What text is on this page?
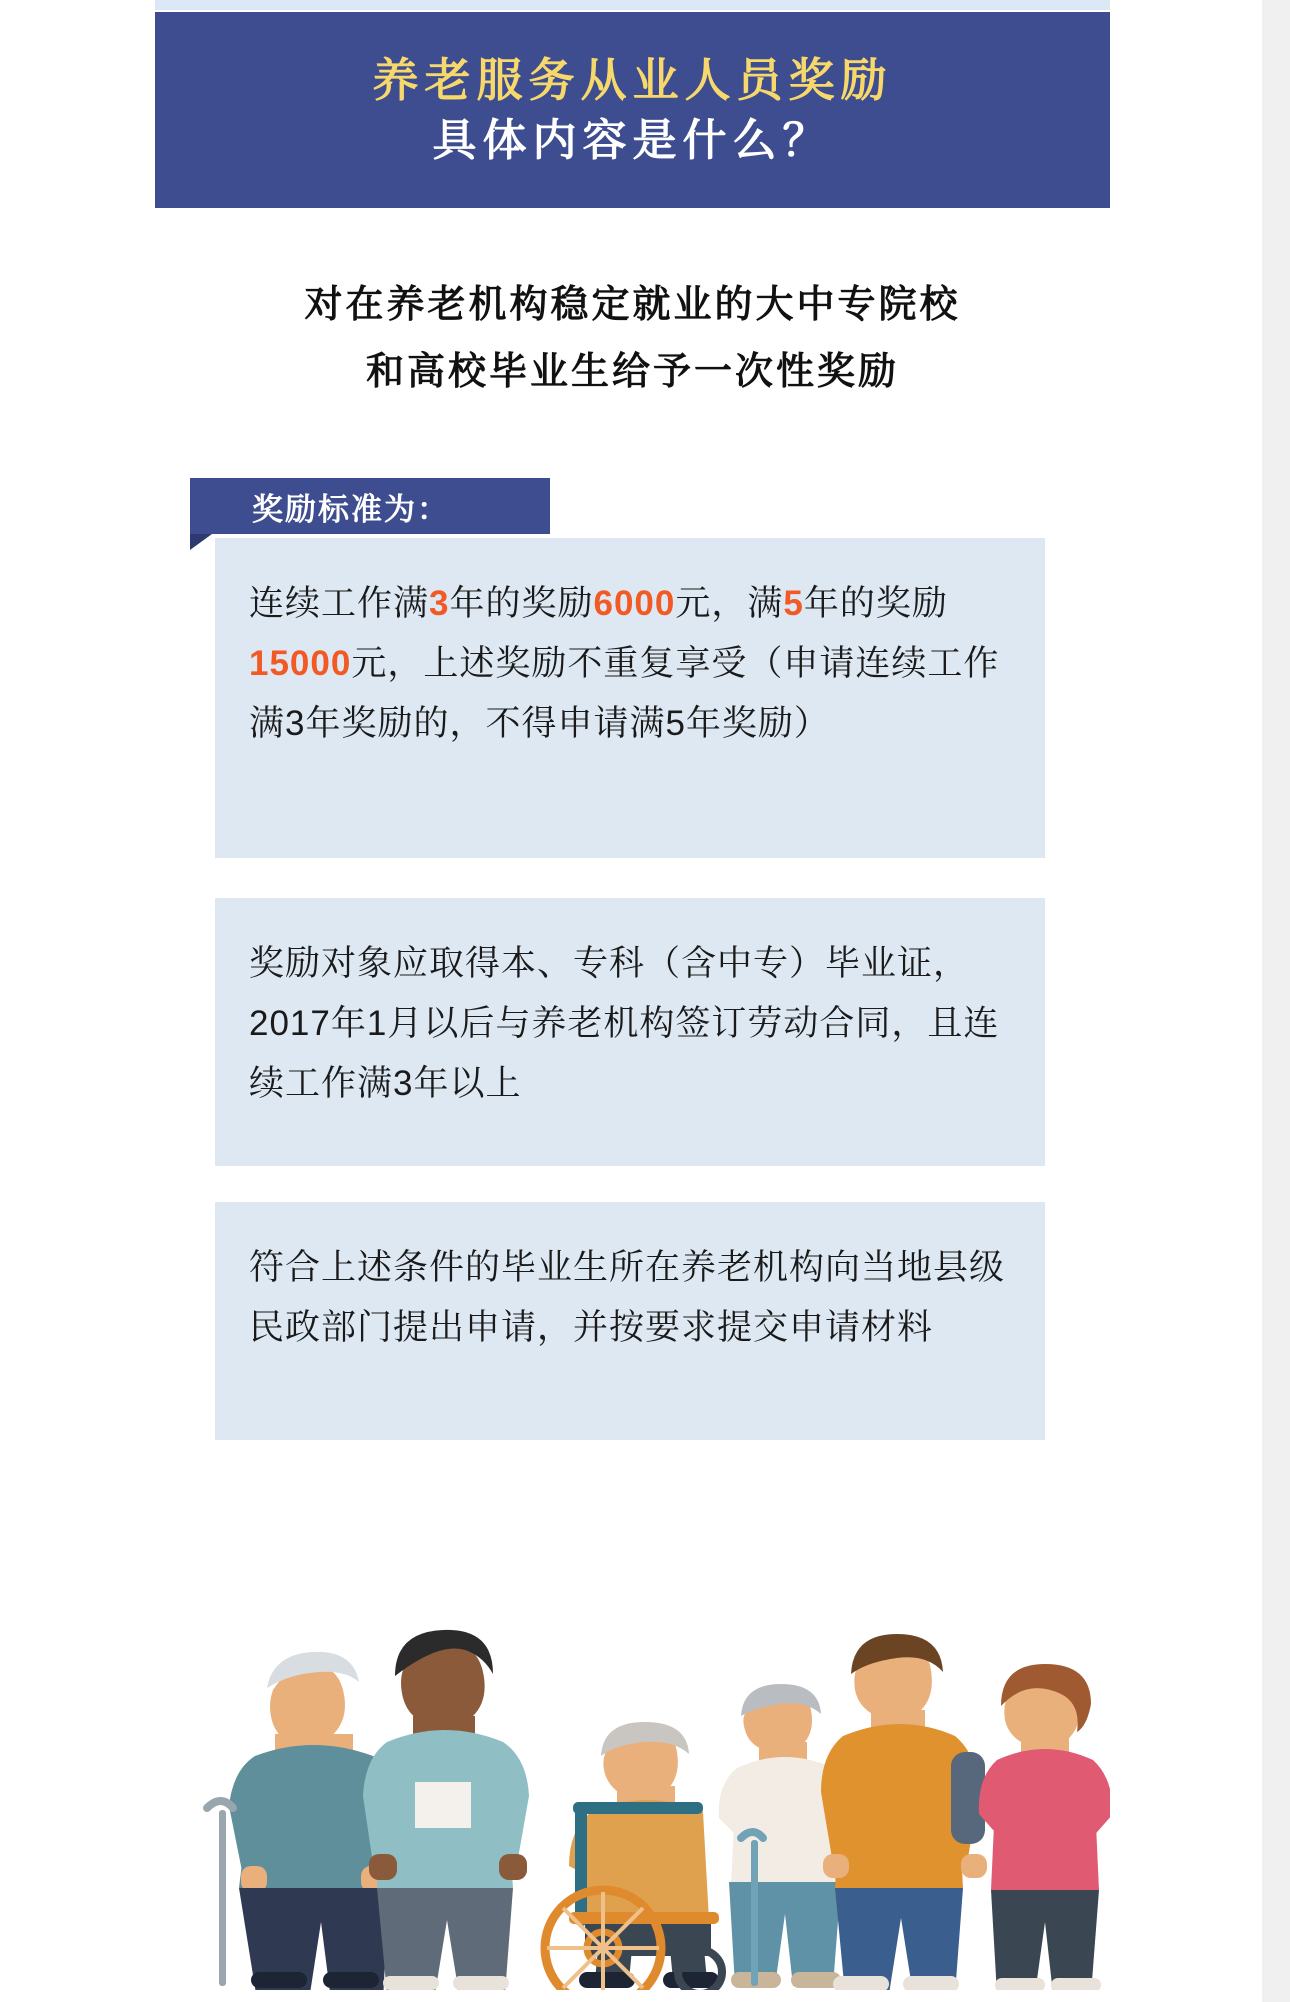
养老服务从业人员奖励
具体内容是什么？
对在养老机构稳定就业的大中专院校
和高校毕业生给予一次性奖励
奖励标准为：
连续工作满3年的奖励6000元，满5年的奖励15000元，上述奖励不重复享受（申请连续工作满3年奖励的，不得申请满5年奖励）
奖励对象应取得本、专科（含中专）毕业证，2017年1月以后与养老机构签订劳动合同，且连续工作满3年以上
符合上述条件的毕业生所在养老机构向当地县级民政部门提出申请，并按要求提交申请材料
